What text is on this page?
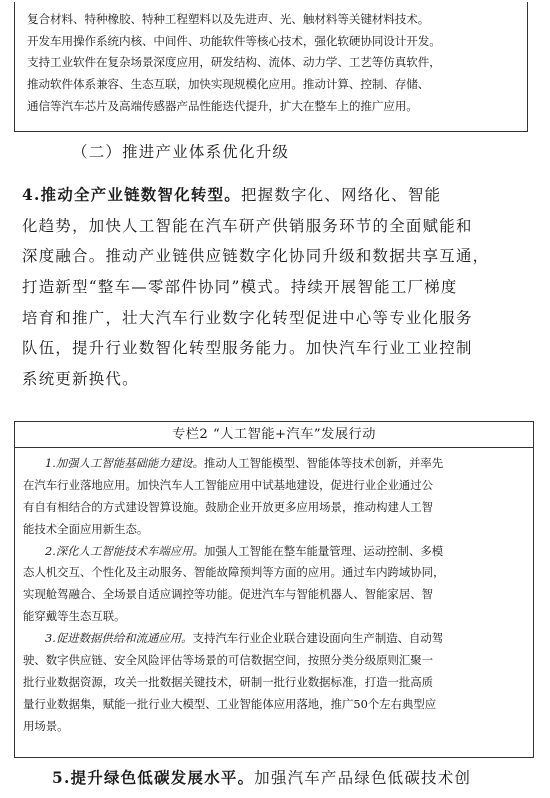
复合材料、特种橡胶、特种工程塑料以及先进声、光、触材料等关键材料技术。

开发车用操作系统内核、中间件、功能软件等核心技术，强化软硬协同设计开发。

支持工业软件在复杂场景深度应用，研发结构、流体、动力学、工艺等仿真软件，

推动软件体系兼容、生态互联，加快实现规模化应用。推动计算、控制、存储、

通信等汽车芯片及高端传感器产品性能迭代提升，扩大在整车上的推广应用。

（二）推进产业体系优化升级
4.推动全产业链数智化转型。把握数字化、网络化、智能
化趋势，加快人工智能在汽车研产供销服务环节的全面赋能和
深度融合。推动产业链供应链数字化协同升级和数据共享互通，
打造新型“整车—零部件协同”模式。持续开展智能工厂梯度
培育和推广，壮大汽车行业数字化转型促进中心等专业化服务
队伍，提升行业数智化转型服务能力。加快汽车行业工业控制
系统更新换代。
专栏2 “人工智能+汽车”发展行动
1.加强人工智能基础能力建设。推动人工智能模型、智能体等技术创新，并率先
在汽车行业落地应用。加快汽车人工智能应用中试基地建设，促进行业企业通过公
有自有相结合的方式建设智算设施。鼓励企业开放更多应用场景，推动构建人工智
能技术全面应用新生态。
2.深化人工智能技术车端应用。加强人工智能在整车能量管理、运动控制、多模
态人机交互、个性化及主动服务、智能故障预判等方面的应用。通过车内跨域协同，
实现舱驾融合、全场景自适应调控等功能。促进汽车与智能机器人、智能家居、智
能穿戴等生态互联。
3.促进数据供给和流通应用。支持汽车行业企业联合建设面向生产制造、自动驾
驶、数字供应链、安全风险评估等场景的可信数据空间，按照分类分级原则汇聚一
批行业数据资源，攻关一批数据关键技术，研制一批行业数据标准，打造一批高质
量行业数据集，赋能一批行业大模型、工业智能体应用落地，推广50个左右典型应
用场景。
5.提升绿色低碳发展水平。加强汽车产品绿色低碳技术创
